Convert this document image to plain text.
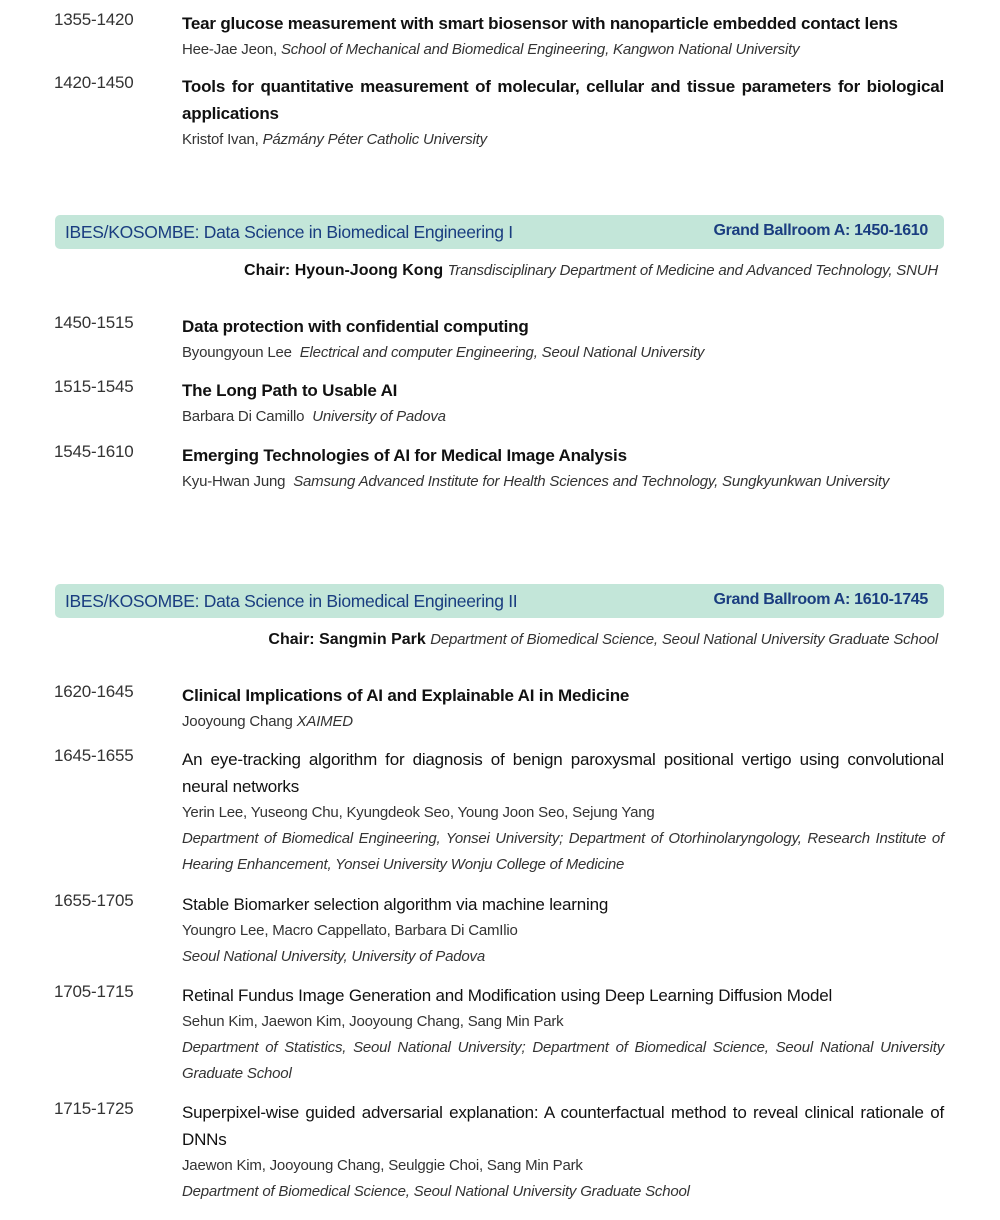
1355-1420	Tear glucose measurement with smart biosensor with nanoparticle embedded contact lens
Hee-Jae Jeon, School of Mechanical and Biomedical Engineering, Kangwon National University
1420-1450	Tools for quantitative measurement of molecular, cellular and tissue parameters for biological applications
Kristof Ivan, Pázmány Péter Catholic University
IBES/KOSOMBE: Data Science in Biomedical Engineering I	Grand Ballroom A: 1450-1610
Chair: Hyoun-Joong Kong Transdisciplinary Department of Medicine and Advanced Technology, SNUH
1450-1515	Data protection with confidential computing
Byoungyoun Lee Electrical and computer Engineering, Seoul National University
1515-1545	The Long Path to Usable AI
Barbara Di Camillo University of Padova
1545-1610	Emerging Technologies of AI for Medical Image Analysis
Kyu-Hwan Jung Samsung Advanced Institute for Health Sciences and Technology, Sungkyunkwan University
IBES/KOSOMBE: Data Science in Biomedical Engineering II	Grand Ballroom A: 1610-1745
Chair: Sangmin Park Department of Biomedical Science, Seoul National University Graduate School
1620-1645	Clinical Implications of AI and Explainable AI in Medicine
Jooyoung Chang XAIMED
1645-1655	An eye-tracking algorithm for diagnosis of benign paroxysmal positional vertigo using convolutional neural networks
Yerin Lee, Yuseong Chu, Kyungdeok Seo, Young Joon Seo, Sejung Yang
Department of Biomedical Engineering, Yonsei University; Department of Otorhinolaryngology, Research Institute of Hearing Enhancement, Yonsei University Wonju College of Medicine
1655-1705	Stable Biomarker selection algorithm via machine learning
Youngro Lee, Macro Cappellato, Barbara Di CamIlio
Seoul National University, University of Padova
1705-1715	Retinal Fundus Image Generation and Modification using Deep Learning Diffusion Model
Sehun Kim, Jaewon Kim, Jooyoung Chang, Sang Min Park
Department of Statistics, Seoul National University; Department of Biomedical Science, Seoul National University Graduate School
1715-1725	Superpixel-wise guided adversarial explanation: A counterfactual method to reveal clinical rationale of DNNs
Jaewon Kim, Jooyoung Chang, Seulggie Choi, Sang Min Park
Department of Biomedical Science, Seoul National University Graduate School
